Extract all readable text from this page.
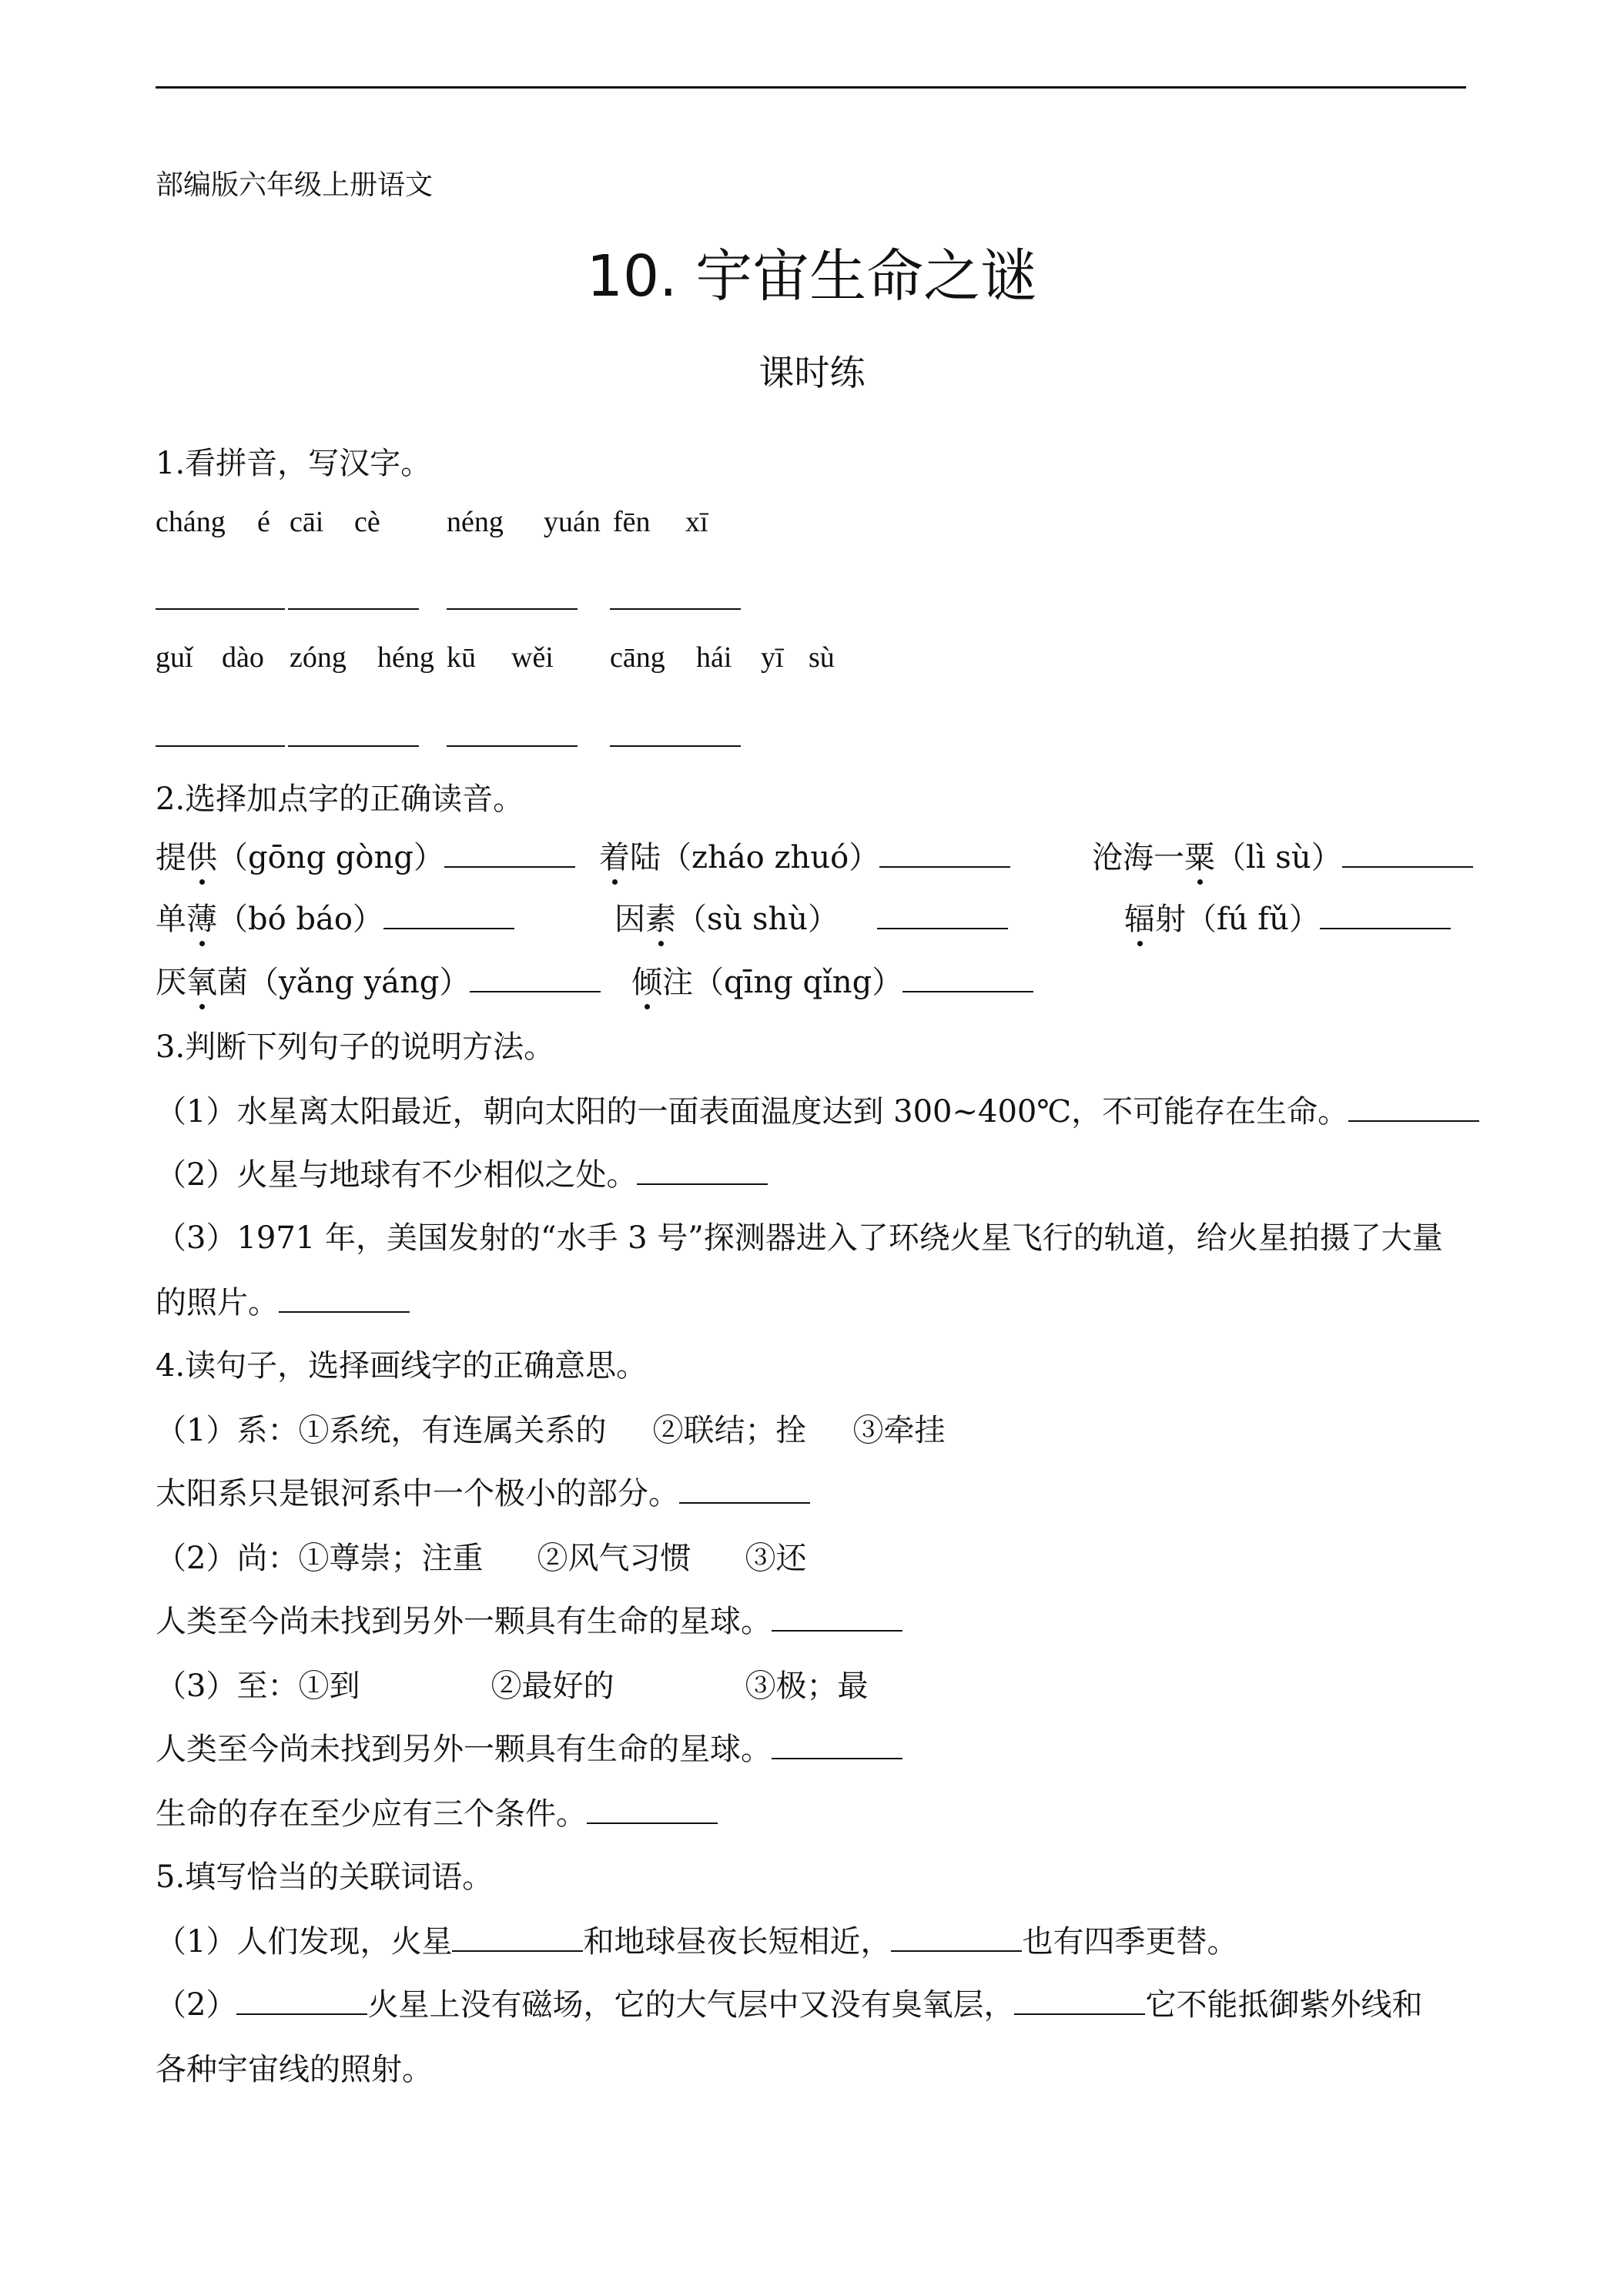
部编版六年级上册语文
10. 宇宙生命之谜
课时练
1.看拼音，写汉字。
cháng é cāi cè néng yuán fēn xī
guǐ dào zóng héng kū wěi cāng hái yī sù
2.选择加点字的正确读音。
提供（gōng gòng）	着陆（zháo zhuó）	沧海一粟（lì sù）
单薄（bó báo）	因素（sù shù）	辐射（fú fǔ）
厌氧菌（yǎng yáng）	倾注（qīng qǐng）
3.判断下列句子的说明方法。
（1）水星离太阳最近，朝向太阳的一面表面温度达到 300~400℃，不可能存在生命。
（2）火星与地球有不少相似之处。
（3）1971 年，美国发射的“水手 3 号”探测器进入了环绕火星飞行的轨道，给火星拍摄了大量
的照片。
4.读句子，选择画线字的正确意思。
（1）系：①系统，有连属关系的 ②联结；拴 ③牵挂
太阳系只是银河系中一个极小的部分。
（2）尚：①尊崇；注重 ②风气习惯 ③还
人类至今尚未找到另外一颗具有生命的星球。
（3）至：①到	②最好的	③极；最
人类至今尚未找到另外一颗具有生命的星球。
生命的存在至少应有三个条件。
5.填写恰当的关联词语。
（1）人们发现，火星	和地球昼夜长短相近，	也有四季更替。
（2）	火星上没有磁场，它的大气层中又没有臭氧层，	它不能抵御紫外线和
各种宇宙线的照射。
